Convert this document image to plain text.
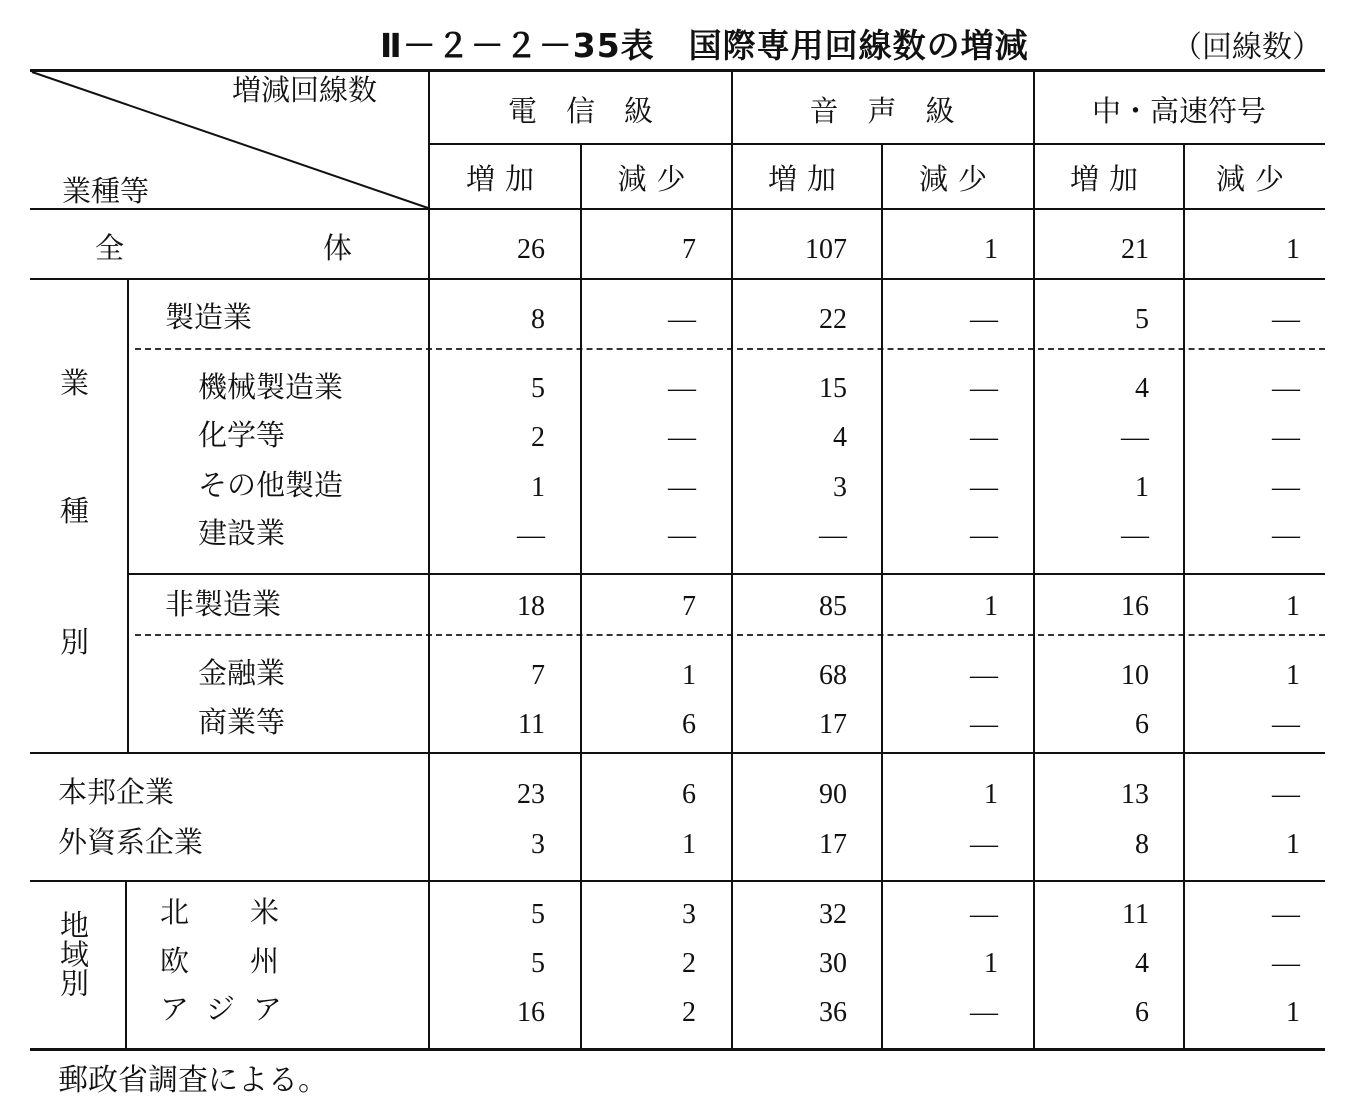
Ⅱ－２－２－35表　国際専用回線数の増減	（回線数）
増減回線数
業種等
電　信　級	音　声　級	中・高速符号
増加	減少	増加	減少	増加	減少
全	体	26	7	107	1	21	1
業
種
別
製造業	8	—	22	—	5	—
機械製造業	5	—	15	—	4	—
化学等	2	—	4	—	—	—
その他製造	1	—	3	—	1	—
建設業	—	—	—	—	—	—
非製造業	18	7	85	1	16	1
金融業	7	1	68	—	10	1
商業等	11	6	17	—	6	—
本邦企業	23	6	90	1	13	—
外資系企業	3	1	17	—	8	1
地域別 北　米	5	3	32	—	11	—
欧　州	5	2	30	1	4	—
アジア	16	2	36	—	6	1
郵政省調査による。
